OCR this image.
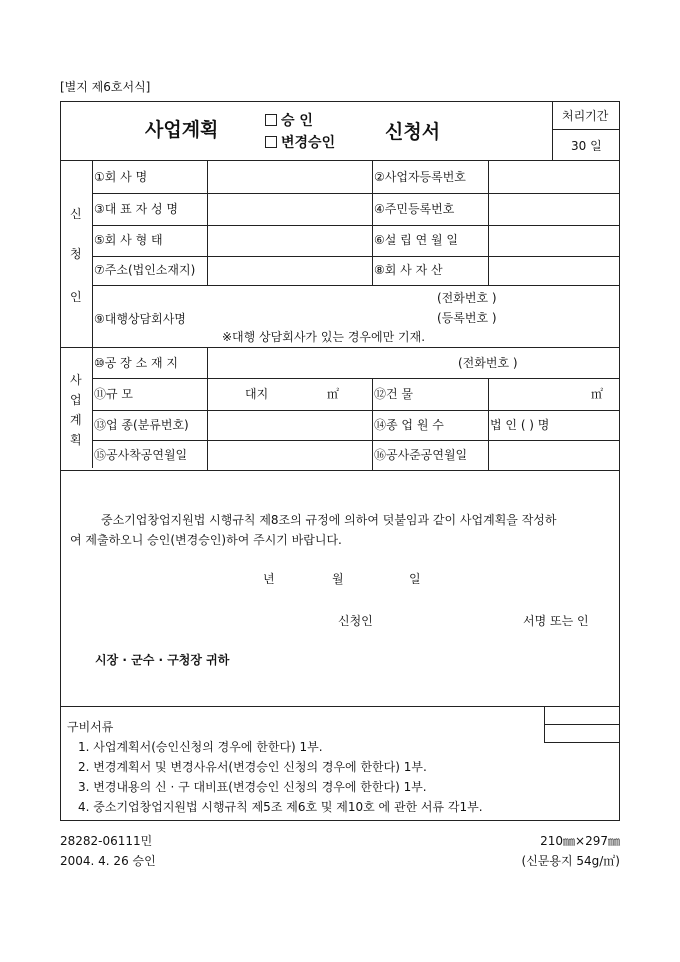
[별지 제6호서식]
사업계획	승 인
변경승인	신청서
처리기간
30 일
신
청
인
①회 사 명	②사업자등록번호
③대 표 자 성 명	④주민등록번호
⑤회 사 형 태	⑥설 립 연 월 일
⑦주소(법인소재지)	⑧회 사 자 산
⑨대행상담회사명
(전화번호 )
(등록번호 )
※대행 상담회사가 있는 경우에만 기재.
사
업
계
획
⑩공 장 소 재 지	(전화번호 )
⑪규 모	대지	㎡	⑫건 물	㎡
⑬업 종(분류번호)	⑭종 업 원 수	법 인 ( ) 명
⑮공사착공연월일	⑯공사준공연월일
중소기업창업지원법 시행규칙 제8조의 규정에 의하여 덧붙임과 같이 사업계획을 작성하
여 제출하오니 승인(변경승인)하여 주시기 바랍니다.
년	월	일
신청인	서명 또는 인
시장 · 군수 · 구청장 귀하
구비서류
1. 사업계획서(승인신청의 경우에 한한다) 1부.
2. 변경계획서 및 변경사유서(변경승인 신청의 경우에 한한다) 1부.
3. 변경내용의 신 · 구 대비표(변경승인 신청의 경우에 한한다) 1부.
4. 중소기업창업지원법 시행규칙 제5조 제6호 및 제10호 에 관한 서류 각1부.
28282-06111민
2004. 4. 26 승인
210㎜×297㎜
(신문용지 54g/㎡)
